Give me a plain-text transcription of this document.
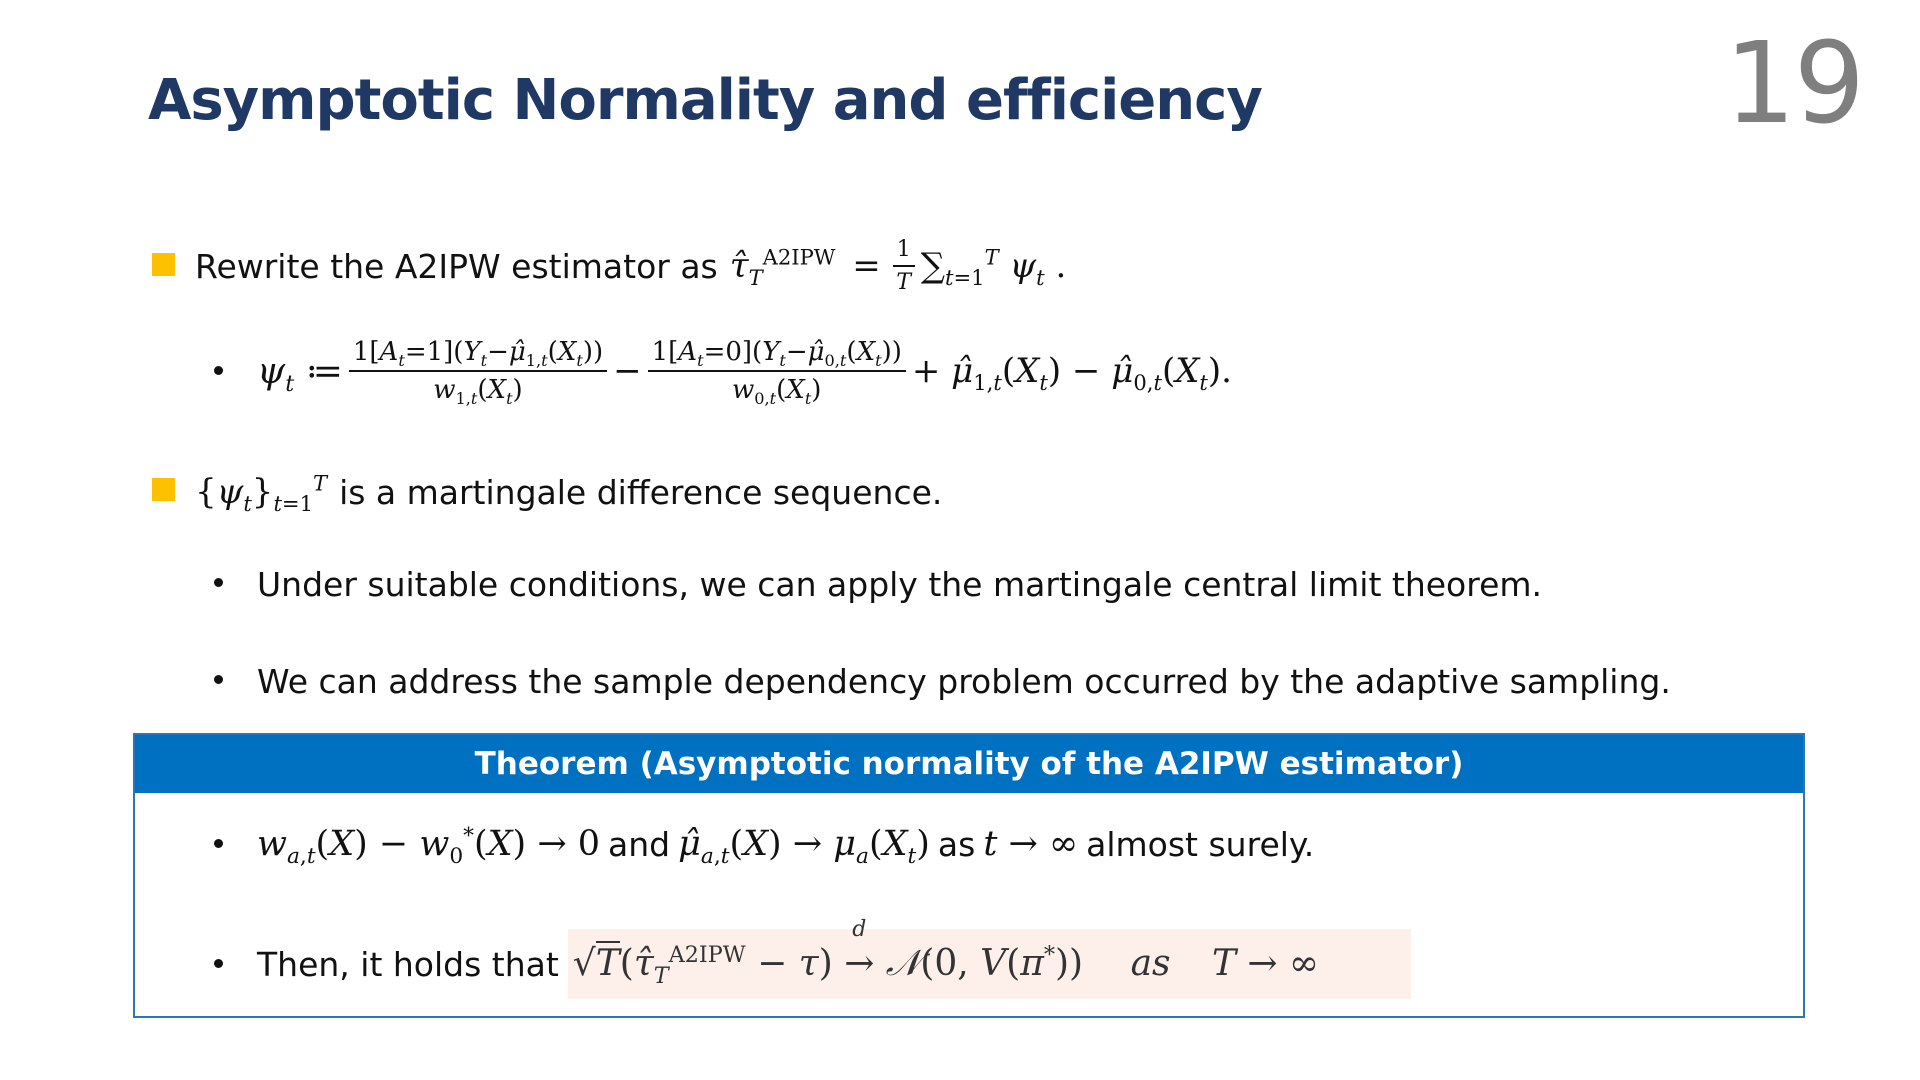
Asymptotic Normality and efficiency	19
Rewrite the A2IPW estimator as $\taû_T^{A2IPW} = \frac{1}{T} \sum_{t=1}^T$ $\psi_t$ .
$\psi_t$ ≔ $\frac{1[A_t=1](Y_t-\mû_{1,t}(X_t))}{w_{1,t}(X_t)} - \frac{1[A_t=0](Y_t-\mû_{0,t}(X_t))}{w_{0,t}(X_t)}$ + $\mû_{1,t}(X_t)$ − $\mû_{0,t}(X_t)$.
$\{\psi_t\}_{t=1}^T$ is a martingale difference sequence.
Under suitable conditions, we can apply the martingale central limit theorem.
We can address the sample dependency problem occurred by the adaptive sampling.
Theorem (Asymptotic normality of the A2IPW estimator)
$w_{a,t}(X) - w_0^*(X) \to 0$ and $\mû_{a,t}(X) \to \mu_a(X_t)$ as t → ∞ almost surely.
Then, it holds that $√T(\taû_T^{A2IPW} - \tau)$
d
→ 𝒩(0, V(π*)) as T → ∞
